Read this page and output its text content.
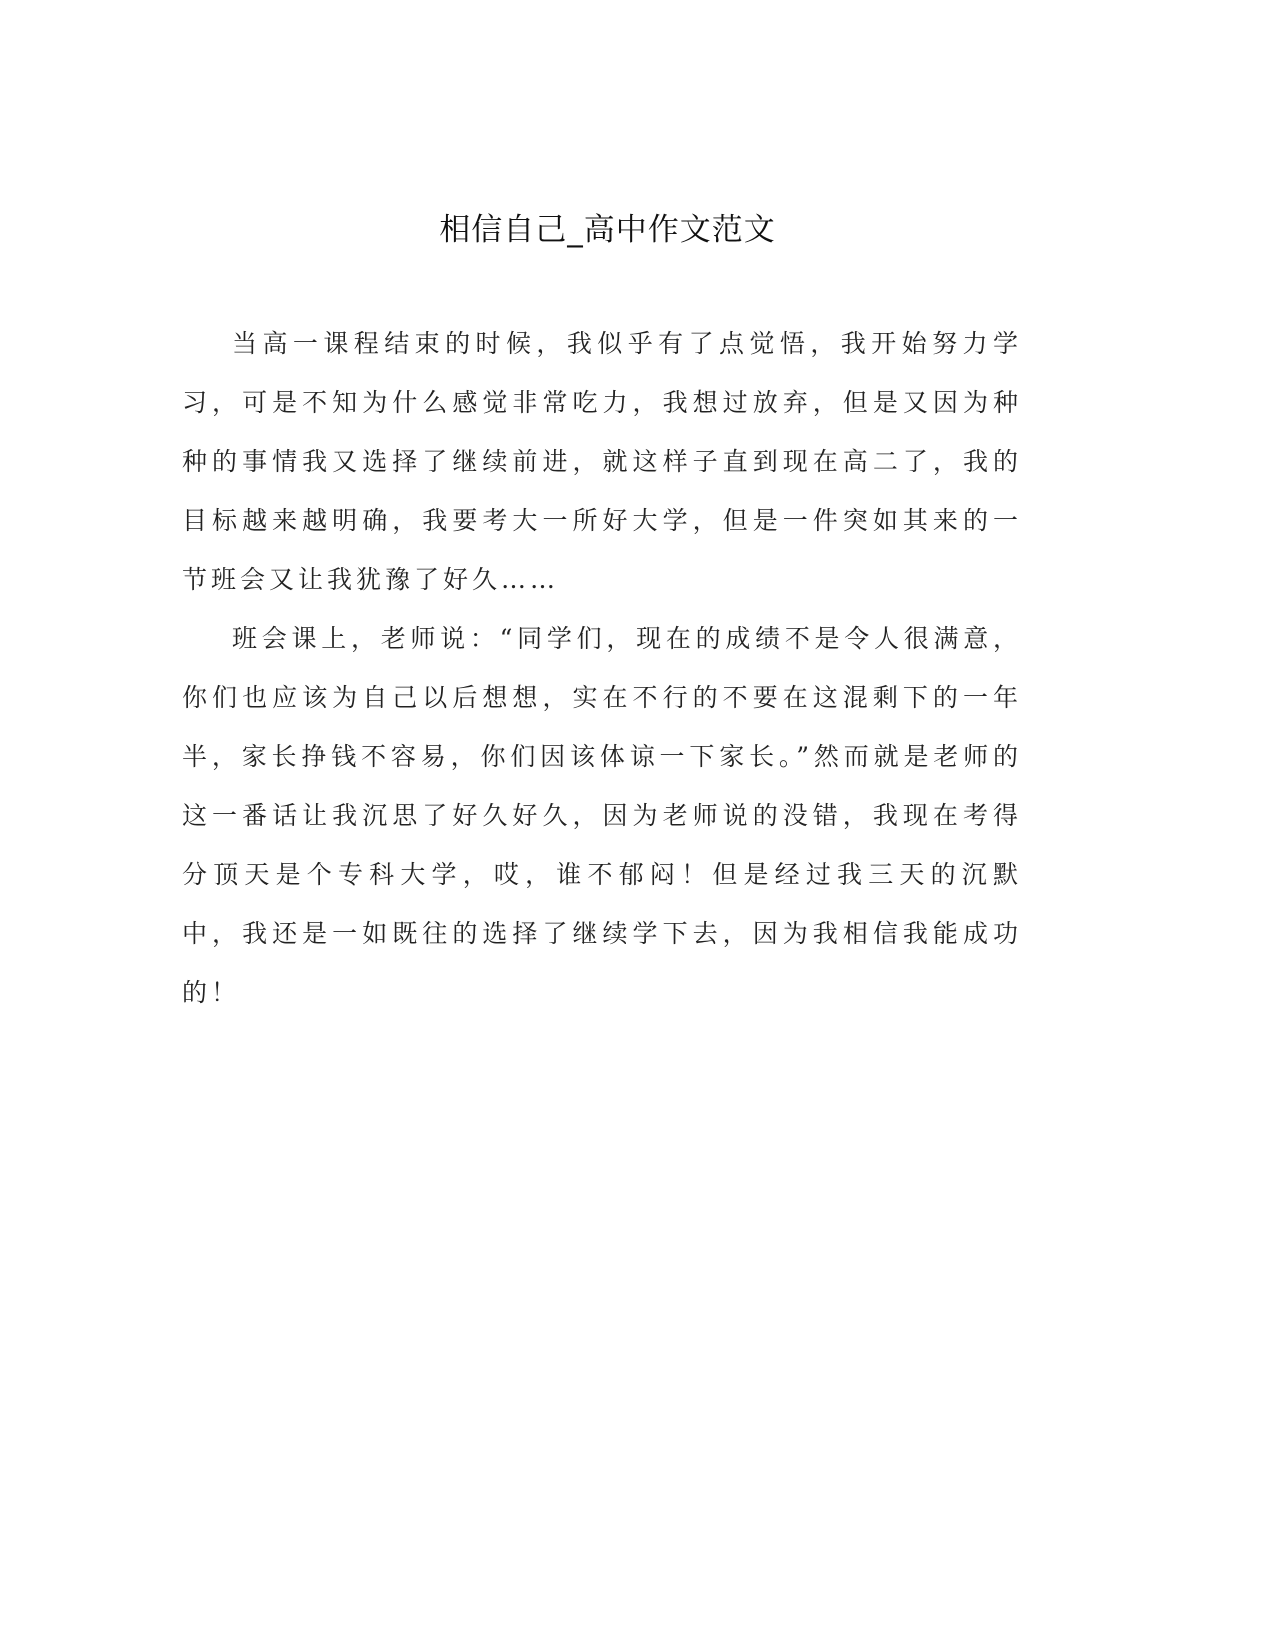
相信自己_高中作文范文

当高一课程结束的时候，我似乎有了点觉悟，我开始努力学习，可是不知为什么感觉非常吃力，我想过放弃，但是又因为种种的事情我又选择了继续前进，就这样子直到现在高二了，我的目标越来越明确，我要考大一所好大学，但是一件突如其来的一节班会又让我犹豫了好久……

班会课上，老师说：“同学们，现在的成绩不是令人很满意，你们也应该为自己以后想想，实在不行的不要在这混剩下的一年半，家长挣钱不容易，你们因该体谅一下家长。”然而就是老师的这一番话让我沉思了好久好久，因为老师说的没错，我现在考得分顶天是个专科大学，哎，谁不郁闷！但是经过我三天的沉默中，我还是一如既往的选择了继续学下去，因为我相信我能成功的！
